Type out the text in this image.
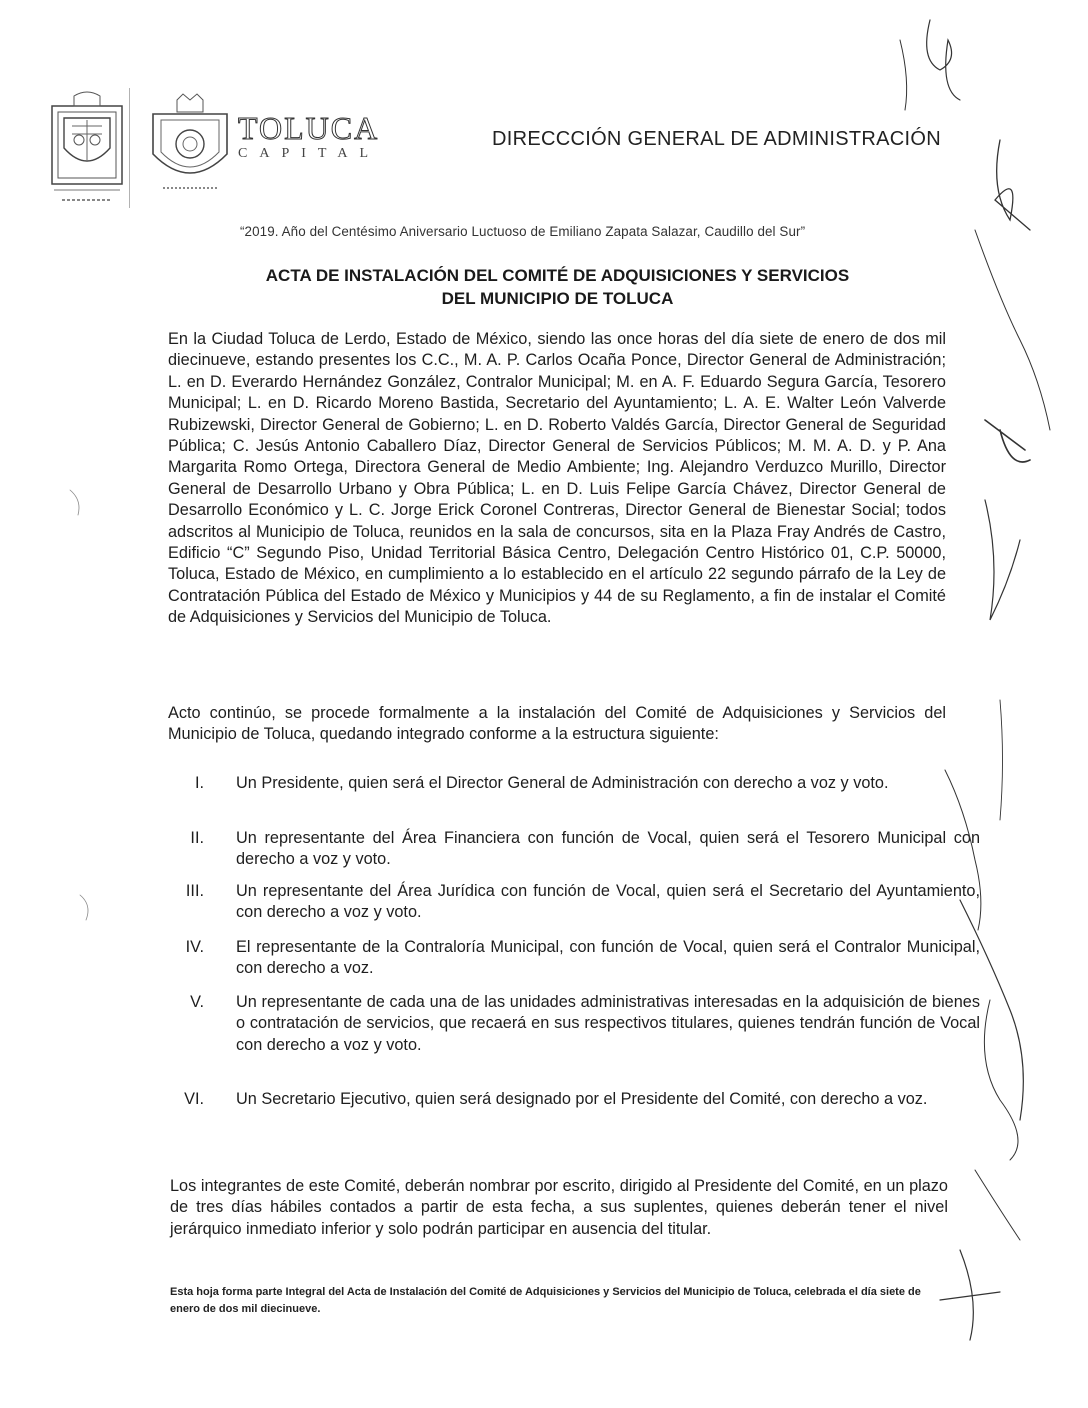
TOLUCA
CAPITAL
DIRECCCIÓN GENERAL DE ADMINISTRACIÓN
“2019. Año del Centésimo Aniversario Luctuoso de Emiliano Zapata Salazar, Caudillo del Sur”
ACTA DE INSTALACIÓN DEL COMITÉ DE ADQUISICIONES Y SERVICIOS
DEL MUNICIPIO DE TOLUCA
En la Ciudad Toluca de Lerdo, Estado de México, siendo las once horas del día siete de enero de dos mil diecinueve, estando presentes los C.C., M. A. P. Carlos Ocaña Ponce, Director General de Administración; L. en D. Everardo Hernández González, Contralor Municipal; M. en A. F. Eduardo Segura García, Tesorero Municipal; L. en D. Ricardo Moreno Bastida, Secretario del Ayuntamiento; L. A. E. Walter León Valverde Rubizewski, Director General de Gobierno; L. en D. Roberto Valdés García, Director General de Seguridad Pública; C. Jesús Antonio Caballero Díaz, Director General de Servicios Públicos; M. M. A. D. y P. Ana Margarita Romo Ortega, Directora General de Medio Ambiente; Ing. Alejandro Verduzco Murillo, Director General de Desarrollo Urbano y Obra Pública; L. en D. Luis Felipe García Chávez, Director General de Desarrollo Económico y L. C. Jorge Erick Coronel Contreras, Director General de Bienestar Social; todos adscritos al Municipio de Toluca, reunidos en la sala de concursos, sita en la Plaza Fray Andrés de Castro, Edificio “C” Segundo Piso, Unidad Territorial Básica Centro, Delegación Centro Histórico 01, C.P. 50000, Toluca, Estado de México, en cumplimiento a lo establecido en el artículo 22 segundo párrafo de la Ley de Contratación Pública del Estado de México y Municipios y 44 de su Reglamento, a fin de instalar el Comité de Adquisiciones y Servicios del Municipio de Toluca.
Acto continúo, se procede formalmente a la instalación del Comité de Adquisiciones y Servicios del Municipio de Toluca, quedando integrado conforme a la estructura siguiente:
I.	Un Presidente, quien será el Director General de Administración con derecho a voz y voto.
II.	Un representante del Área Financiera con función de Vocal, quien será el Tesorero Municipal con derecho a voz y voto.
III.	Un representante del Área Jurídica con función de Vocal, quien será el Secretario del Ayuntamiento, con derecho a voz y voto.
IV.	El representante de la Contraloría Municipal, con función de Vocal, quien será el Contralor Municipal, con derecho a voz.
V.	Un representante de cada una de las unidades administrativas interesadas en la adquisición de bienes o contratación de servicios, que recaerá en sus respectivos titulares, quienes tendrán función de Vocal con derecho a voz y voto.
VI.	Un Secretario Ejecutivo, quien será designado por el Presidente del Comité, con derecho a voz.
Los integrantes de este Comité, deberán nombrar por escrito, dirigido al Presidente del Comité, en un plazo de tres días hábiles contados a partir de esta fecha, a sus suplentes, quienes deberán tener el nivel jerárquico inmediato inferior y solo podrán participar en ausencia del titular.
Esta hoja forma parte Integral del Acta de Instalación del Comité de Adquisiciones y Servicios del Municipio de Toluca, celebrada el día siete de enero de dos mil diecinueve.
